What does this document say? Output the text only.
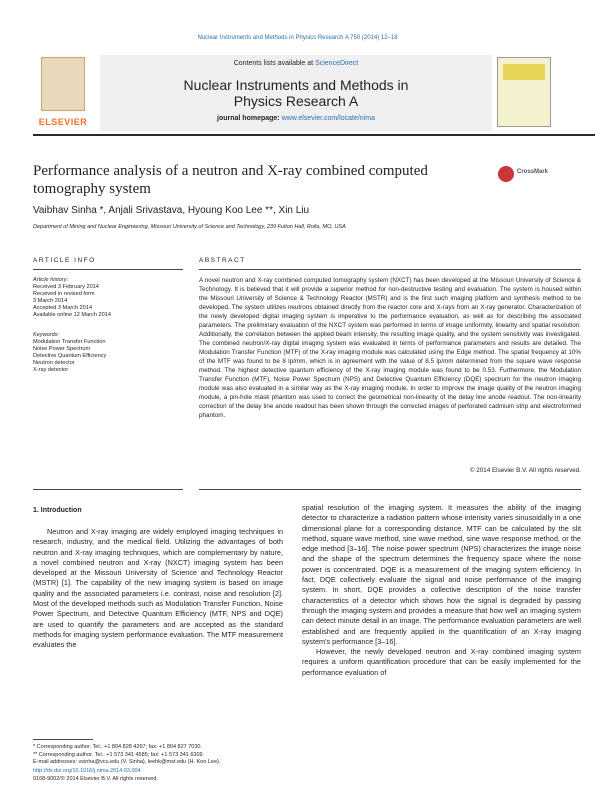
Nuclear Instruments and Methods in Physics Research A 750 (2014) 12–18
ELSEVIER
Contents lists available at ScienceDirect
Nuclear Instruments and Methods in
Physics Research A
journal homepage: www.elsevier.com/locate/nima
Performance analysis of a neutron and X-ray combined computed
tomography system
CrossMark
Vaibhav Sinha *, Anjali Srivastava, Hyoung Koo Lee **, Xin Liu
Department of Mining and Nuclear Engineering, Missouri University of Science and Technology, 239 Fulton Hall, Rolla, MO, USA
ARTICLE INFO	ABSTRACT
Article history:
Received 3 February 2014
Received in revised form
3 March 2014
Accepted 3 March 2014
Available online 12 March 2014
Keywords:
Modulation Transfer Function
Noise Power Spectrum
Detective Quantum Efficiency
Neutron detector
X-ray detector
A novel neutron and X-ray combined computed tomography system (NXCT) has been developed at the Missouri University of Science & Technology. It is believed that it will provide a superior method for non-destructive testing and evaluation. The system is housed within the Missouri University of Science & Technology Reactor (MSTR) and is the first such imaging platform and synthesis method to be developed. The system utilizes neutrons obtained directly from the reactor core and X-rays from an X-ray generator. Characterization of the newly developed digital imaging system is imperative to the performance evaluation, as well as for describing the associated parameters. The preliminary evaluation of the NXCT system was performed in terms of image uniformity, linearity and spatial resolution. Additionally, the correlation between the applied beam intensity, the resulting image quality, and the system sensitivity was investigated. The combined neutron/X-ray digital imaging system was evaluated in terms of performance parameters and results are detailed. The Modulation Transfer Function (MTF) of the X-ray imaging module was calculated using the Edge method. The spatial frequency at 10% of the MTF was found to be 8 lp/mm, which is in agreement with the value of 8.5 lp/mm determined from the square wave response method. The highest detective quantum efficiency of the X-ray imaging module was found to be 0.53. Furthermore, the Modulation Transfer Function (MTF), Noise Power Spectrum (NPS) and Detective Quantum Efficiency (DQE) spectrum for the neutron imaging module was also evaluated in a similar way as the X-ray imaging module. In order to improve the image quality of the neutron imaging module, a pin-hole mask phantom was used to correct the geometrical non-linearity of the delay line anode readout. The non-linearity correction of the delay line anode readout has been shown through the corrected images of perforated cadmium strip and electroformed phantom.
© 2014 Elsevier B.V. All rights reserved.
1. Introduction
Neutron and X-ray imaging are widely employed imaging techniques in research, industry, and the medical field. Utilizing the advantages of both neutron and X-ray imaging techniques, which are complementary by nature, a novel combined neutron and X-ray (NXCT) imaging system has been developed at the Missouri University of Science and Technology Reactor (MSTR) [1]. The capability of the new imaging system is based on image quality and the associated parameters i.e. contrast, noise and resolution [2]. Most of the developed methods such as Modulation Transfer Function, Noise Power Spectrum, and Detective Quantum Efficiency (MTF, NPS and DQE) are used to quantify the parameters and are accepted as the standard methods for imaging system performance evaluation. The MTF measurement evaluates the

spatial resolution of the imaging system. It measures the ability of the imaging detector to characterize a radiation pattern whose intensity varies sinusoidally in a one dimensional plane for a corresponding distance. MTF can be calculated by the slit method, square wave method, sine wave method, sine wave response method, or the edge method [3–16]. The noise power spectrum (NPS) characterizes the image noise and the shape of the spectrum determines the frequency space where the noise power is concentrated. DQE is a measurement of the imaging system efficiency. In fact, DQE collectively evaluate the signal and noise performance of the imaging system. In short, DQE provides a collective description of the noise transfer characteristics of a detector which shows how the signal is degraded by passing through the imaging system and provides a measure that how well an imaging system can detect minute detail in an image. The performance evaluation parameters are well established and are frequently applied in the quantification of an X-ray imaging system's performance [3–16].

However, the newly developed neutron and X-ray combined imaging system requires a uniform quantification procedure that can be easily implemented for the performance evaluation of

* Corresponding author. Tel.: +1 804 828 4267; fax: +1 804 827 7030.
** Corresponding author. Tel.: +1 573 341 4585; fax: +1 573 341 6309.
http://dx.doi.org/10.1016/j.nima.2014.03.004
0168-9002/© 2014 Elsevier B.V. All rights reserved.
E-mail addresses: vsinha@vcu.edu (V. Sinha), leehk@mst.edu (H. Koo Lee).
